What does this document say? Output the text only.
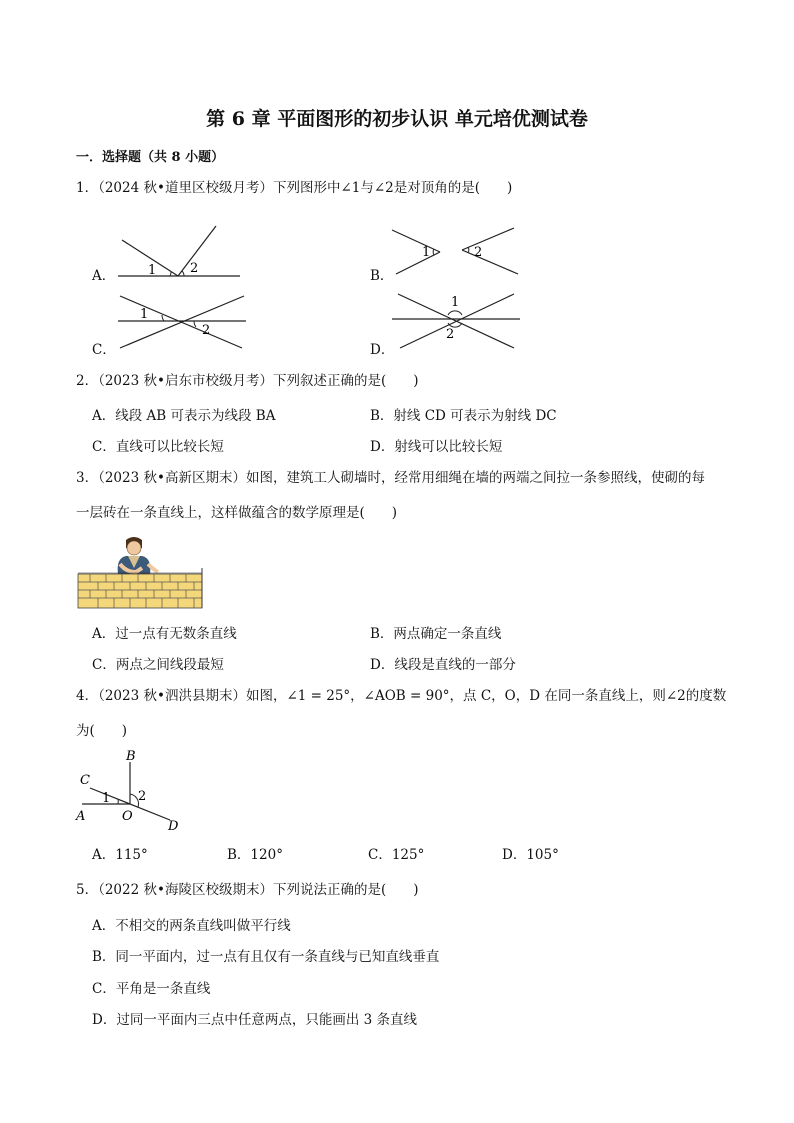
第 6 章 平面图形的初步认识 单元培优测试卷
一．选择题（共 8 小题）
1．（2024 秋•道里区校级月考）下列图形中∠1与∠2是对顶角的是(　　)
A．	1	2	B．
1	2
C．
1
2
D．
1
2
2．（2023 秋•启东市校级月考）下列叙述正确的是(　　)
A．线段 AB 可表示为线段 BA	B．射线 CD 可表示为射线 DC
C．直线可以比较长短	D．射线可以比较长短
3．（2023 秋•高新区期末）如图，建筑工人砌墙时，经常用细绳在墙的两端之间拉一条参照线，使砌的每
一层砖在一条直线上，这样做蕴含的数学原理是(　　)
A．过一点有无数条直线	B．两点确定一条直线
C．两点之间线段最短	D．线段是直线的一部分
4．（2023 秋•泗洪县期末）如图，∠1 = 25°，∠AOB = 90°，点 C，O，D 在同一条直线上，则∠2的度数
为(　　)
B
C
A	O
D
1 2
A．115°	B．120°	C．125°	D．105°
5．（2022 秋•海陵区校级期末）下列说法正确的是(　　)
A．不相交的两条直线叫做平行线
B．同一平面内，过一点有且仅有一条直线与已知直线垂直
C．平角是一条直线
D．过同一平面内三点中任意两点，只能画出 3 条直线
